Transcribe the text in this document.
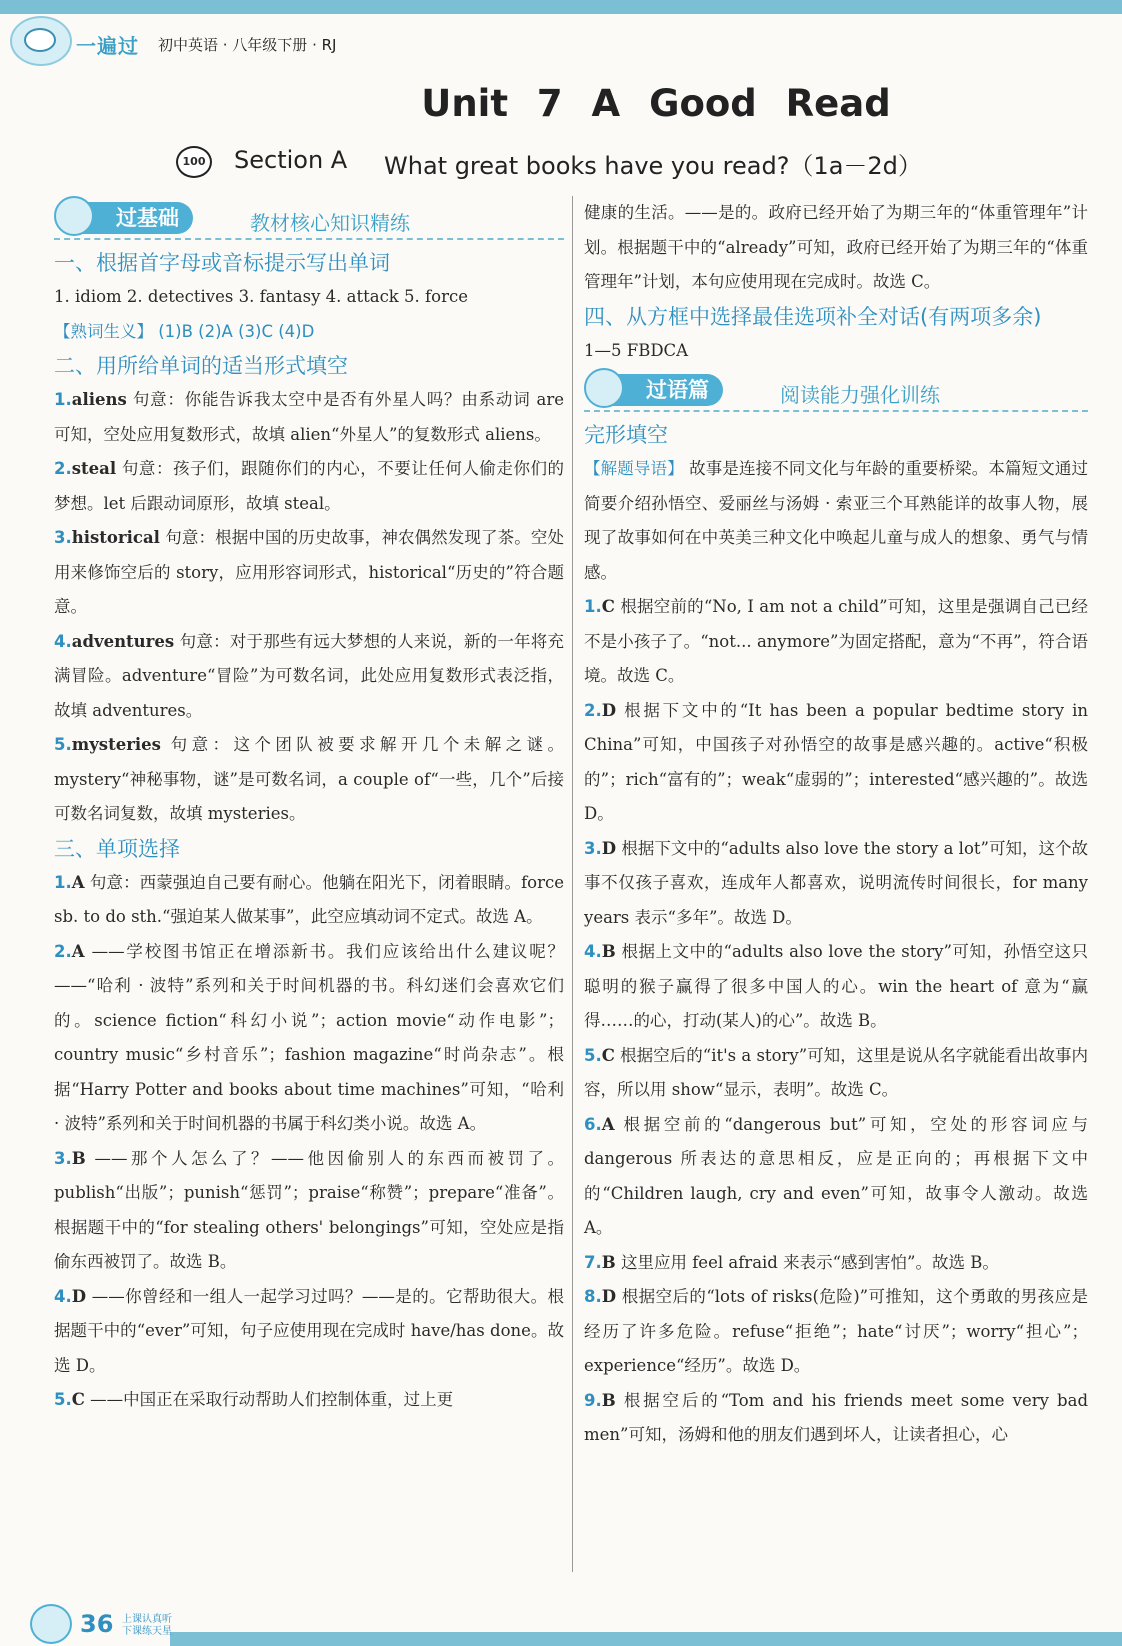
一遍过 初中英语 · 八年级下册 · RJ
Unit 7 A Good Read
100 Section A What great books have you read?（1a－2d）
过基础	教材核心知识精练
一、根据首字母或音标提示写出单词
1. idiom 2. detectives 3. fantasy 4. attack 5. force
【熟词生义】 (1)B (2)A (3)C (4)D
二、用所给单词的适当形式填空
1.aliens 句意：你能告诉我太空中是否有外星人吗？由系动词 are 可知，空处应用复数形式，故填 alien“外星人”的复数形式 aliens。
2.steal 句意：孩子们，跟随你们的内心，不要让任何人偷走你们的梦想。let 后跟动词原形，故填 steal。
3.historical 句意：根据中国的历史故事，神农偶然发现了茶。空处用来修饰空后的 story，应用形容词形式，historical“历史的”符合题意。
4.adventures 句意：对于那些有远大梦想的人来说，新的一年将充满冒险。adventure“冒险”为可数名词，此处应用复数形式表泛指，故填 adventures。
5.mysteries 句意：这个团队被要求解开几个未解之谜。mystery“神秘事物，谜”是可数名词，a couple of“一些，几个”后接可数名词复数，故填 mysteries。
三、单项选择
1.A 句意：西蒙强迫自己要有耐心。他躺在阳光下，闭着眼睛。force sb. to do sth.“强迫某人做某事”，此空应填动词不定式。故选 A。
2.A ——学校图书馆正在增添新书。我们应该给出什么建议呢？——“哈利 · 波特”系列和关于时间机器的书。科幻迷们会喜欢它们的。science fiction“科幻小说”；action movie“动作电影”；country music“乡村音乐”；fashion magazine“时尚杂志”。根据“Harry Potter and books about time machines”可知，“哈利 · 波特”系列和关于时间机器的书属于科幻类小说。故选 A。
3.B ——那个人怎么了？——他因偷别人的东西而被罚了。publish“出版”；punish“惩罚”；praise“称赞”；prepare“准备”。根据题干中的“for stealing others' belongings”可知，空处应是指偷东西被罚了。故选 B。
4.D ——你曾经和一组人一起学习过吗？——是的。它帮助很大。根据题干中的“ever”可知，句子应使用现在完成时 have/has done。故选 D。
5.C ——中国正在采取行动帮助人们控制体重，过上更
健康的生活。——是的。政府已经开始了为期三年的“体重管理年”计划。根据题干中的“already”可知，政府已经开始了为期三年的“体重管理年”计划，本句应使用现在完成时。故选 C。
四、从方框中选择最佳选项补全对话(有两项多余)
1—5 FBDCA
过语篇	阅读能力强化训练
完形填空
【解题导语】 故事是连接不同文化与年龄的重要桥梁。本篇短文通过简要介绍孙悟空、爱丽丝与汤姆 · 索亚三个耳熟能详的故事人物，展现了故事如何在中英美三种文化中唤起儿童与成人的想象、勇气与情感。
1.C 根据空前的“No, I am not a child”可知，这里是强调自己已经不是小孩子了。“not... anymore”为固定搭配，意为“不再”，符合语境。故选 C。
2.D 根据下文中的“It has been a popular bedtime story in China”可知，中国孩子对孙悟空的故事是感兴趣的。active“积极的”；rich“富有的”；weak“虚弱的”；interested“感兴趣的”。故选 D。
3.D 根据下文中的“adults also love the story a lot”可知，这个故事不仅孩子喜欢，连成年人都喜欢，说明流传时间很长，for many years 表示“多年”。故选 D。
4.B 根据上文中的“adults also love the story”可知，孙悟空这只聪明的猴子赢得了很多中国人的心。win the heart of 意为“赢得……的心，打动(某人)的心”。故选 B。
5.C 根据空后的“it's a story”可知，这里是说从名字就能看出故事内容，所以用 show“显示，表明”。故选 C。
6.A 根据空前的“dangerous but”可知，空处的形容词应与 dangerous 所表达的意思相反，应是正向的；再根据下文中的“Children laugh, cry and even”可知，故事令人激动。故选 A。
7.B 这里应用 feel afraid 来表示“感到害怕”。故选 B。
8.D 根据空后的“lots of risks(危险)”可推知，这个勇敢的男孩应是经历了许多危险。refuse“拒绝”；hate“讨厌”；worry“担心”；experience“经历”。故选 D。
9.B 根据空后的“Tom and his friends meet some very bad men”可知，汤姆和他的朋友们遇到坏人，让读者担心，心
36 上课认真听 下课练天星
